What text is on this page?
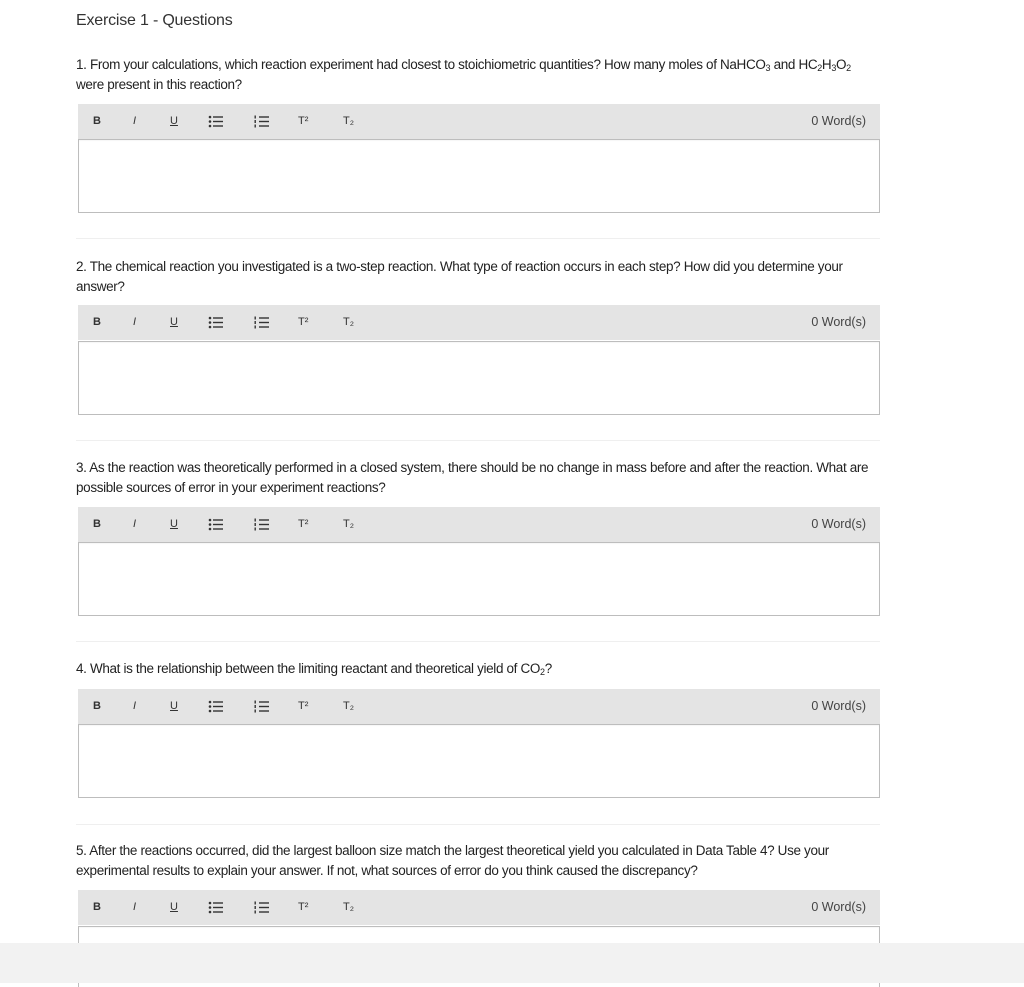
Exercise 1 - Questions
1. From your calculations, which reaction experiment had closest to stoichiometric quantities? How many moles of NaHCO$_3$ and $HC_2H_3O_2$ were present in this reaction?
B	I	U	T²	T₂	0 Word(s)
2. The chemical reaction you investigated is a two-step reaction. What type of reaction occurs in each step? How did you determine your answer?
B	I	U	T²	T₂	0 Word(s)
3. As the reaction was theoretically performed in a closed system, there should be no change in mass before and after the reaction. What are possible sources of error in your experiment reactions?
B	I	U	T²	T₂	0 Word(s)
4. What is the relationship between the limiting reactant and theoretical yield of $CO_2$?
B	I	U	T²	T₂	0 Word(s)
5. After the reactions occurred, did the largest balloon size match the largest theoretical yield you calculated in Data Table 4? Use your experimental results to explain your answer. If not, what sources of error do you think caused the discrepancy?
B	I	U	T²	T₂	0 Word(s)
